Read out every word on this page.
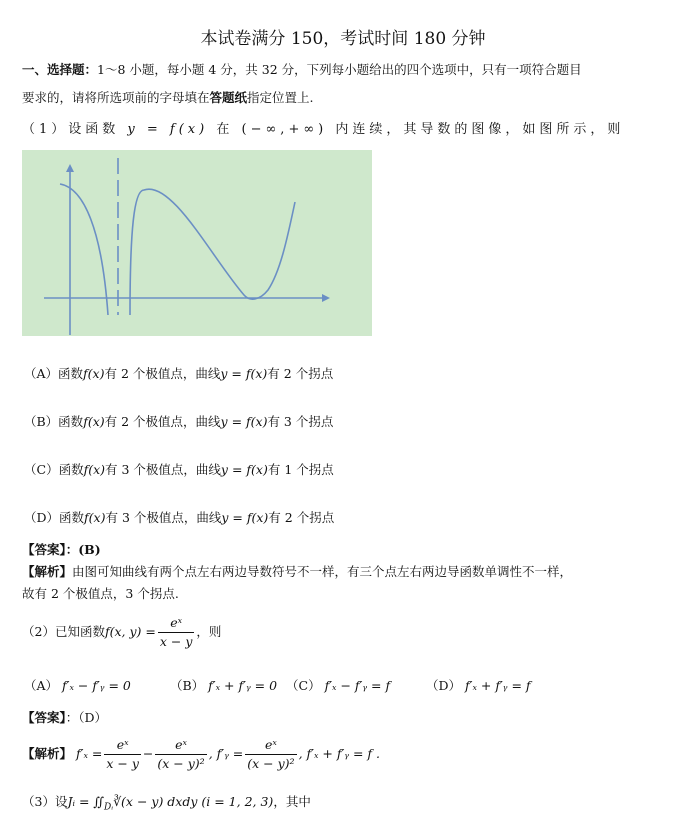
本试卷满分 150，考试时间 180 分钟
一、选择题：1～8 小题，每小题 4 分，共 32 分，下列每小题给出的四个选项中，只有一项符合题目
要求的，请将所选项前的字母填在答题纸指定位置上.
（1）设函数 y = f(x) 在 (−∞,+∞) 内连续，其导数的图像，如图所示，则
（A）函数f(x)有 2 个极值点，曲线y = f(x)有 2 个拐点
（B）函数f(x)有 2 个极值点，曲线y = f(x)有 3 个拐点
（C）函数f(x)有 3 个极值点，曲线y = f(x)有 1 个拐点
（D）函数f(x)有 3 个极值点，曲线y = f(x)有 2 个拐点
【答案】：(B)
【解析】由图可知曲线有两个点左右两边导数符号不一样，有三个点左右两边导函数单调性不一样，
故有 2 个极值点，3 个拐点.
（2）已知函数f(x, $y) = \frac{\text{eˣ}}{x - y}$ ，则
（A） f′ₓ − f′ᵧ = 0	（B） f′ₓ + f′ᵧ = 0 （C） f′ₓ − f′ᵧ = f	（D） f′ₓ + f′ᵧ = f
【答案】：（D）
【解析】 $f'_x = \frac{\text{eˣ}}{x - y} - \frac{\text{eˣ}}{\text{(x − y)²}}$ , f′ᵧ = $\frac{\text{eˣ}}{\text{(x − y)²}}$ , f′ₓ + f′ᵧ = f .
（3）设Jᵢ = $∬_{Dᵢ}∛(x - y)$ dxdy (i = 1, 2, 3)，其中
